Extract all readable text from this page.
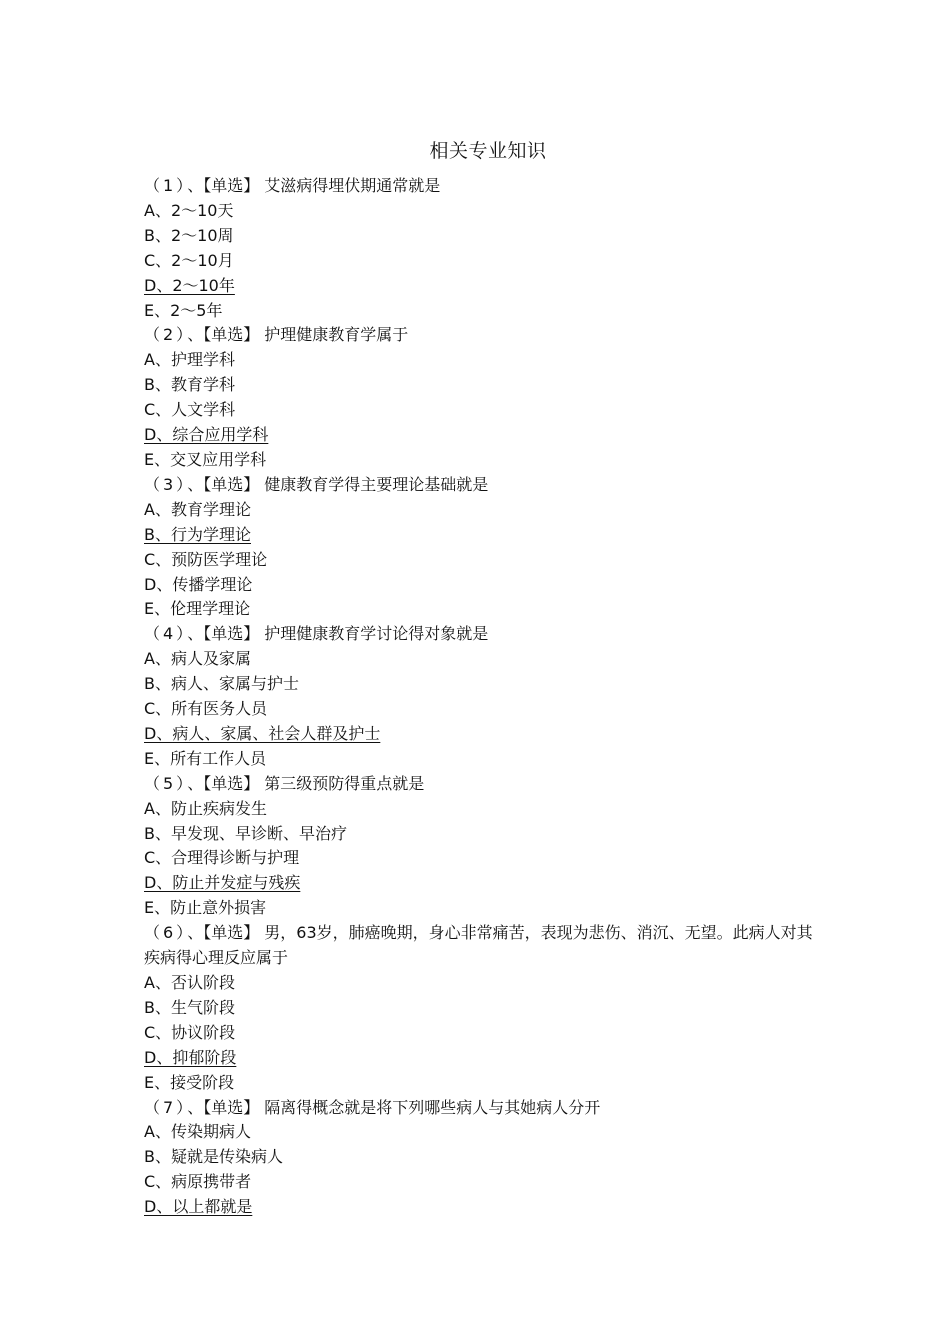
相关专业知识
（1）、【单选】 艾滋病得埋伏期通常就是
A、2～10天
B、2～10周
C、2～10月
D、2～10年
E、2～5年
（2）、【单选】 护理健康教育学属于
A、护理学科
B、教育学科
C、人文学科
D、综合应用学科
E、交叉应用学科
（3）、【单选】 健康教育学得主要理论基础就是
A、教育学理论
B、行为学理论
C、预防医学理论
D、传播学理论
E、伦理学理论
（4）、【单选】 护理健康教育学讨论得对象就是
A、病人及家属
B、病人、家属与护士
C、所有医务人员
D、病人、家属、社会人群及护士
E、所有工作人员
（5）、【单选】 第三级预防得重点就是
A、防止疾病发生
B、早发现、早诊断、早治疗
C、合理得诊断与护理
D、防止并发症与残疾
E、防止意外损害
（6）、【单选】 男，63岁，肺癌晚期，身心非常痛苦，表现为悲伤、消沉、无望。此病人对其疾病得心理反应属于
A、否认阶段
B、生气阶段
C、协议阶段
D、抑郁阶段
E、接受阶段
（7）、【单选】 隔离得概念就是将下列哪些病人与其她病人分开
A、传染期病人
B、疑就是传染病人
C、病原携带者
D、以上都就是
